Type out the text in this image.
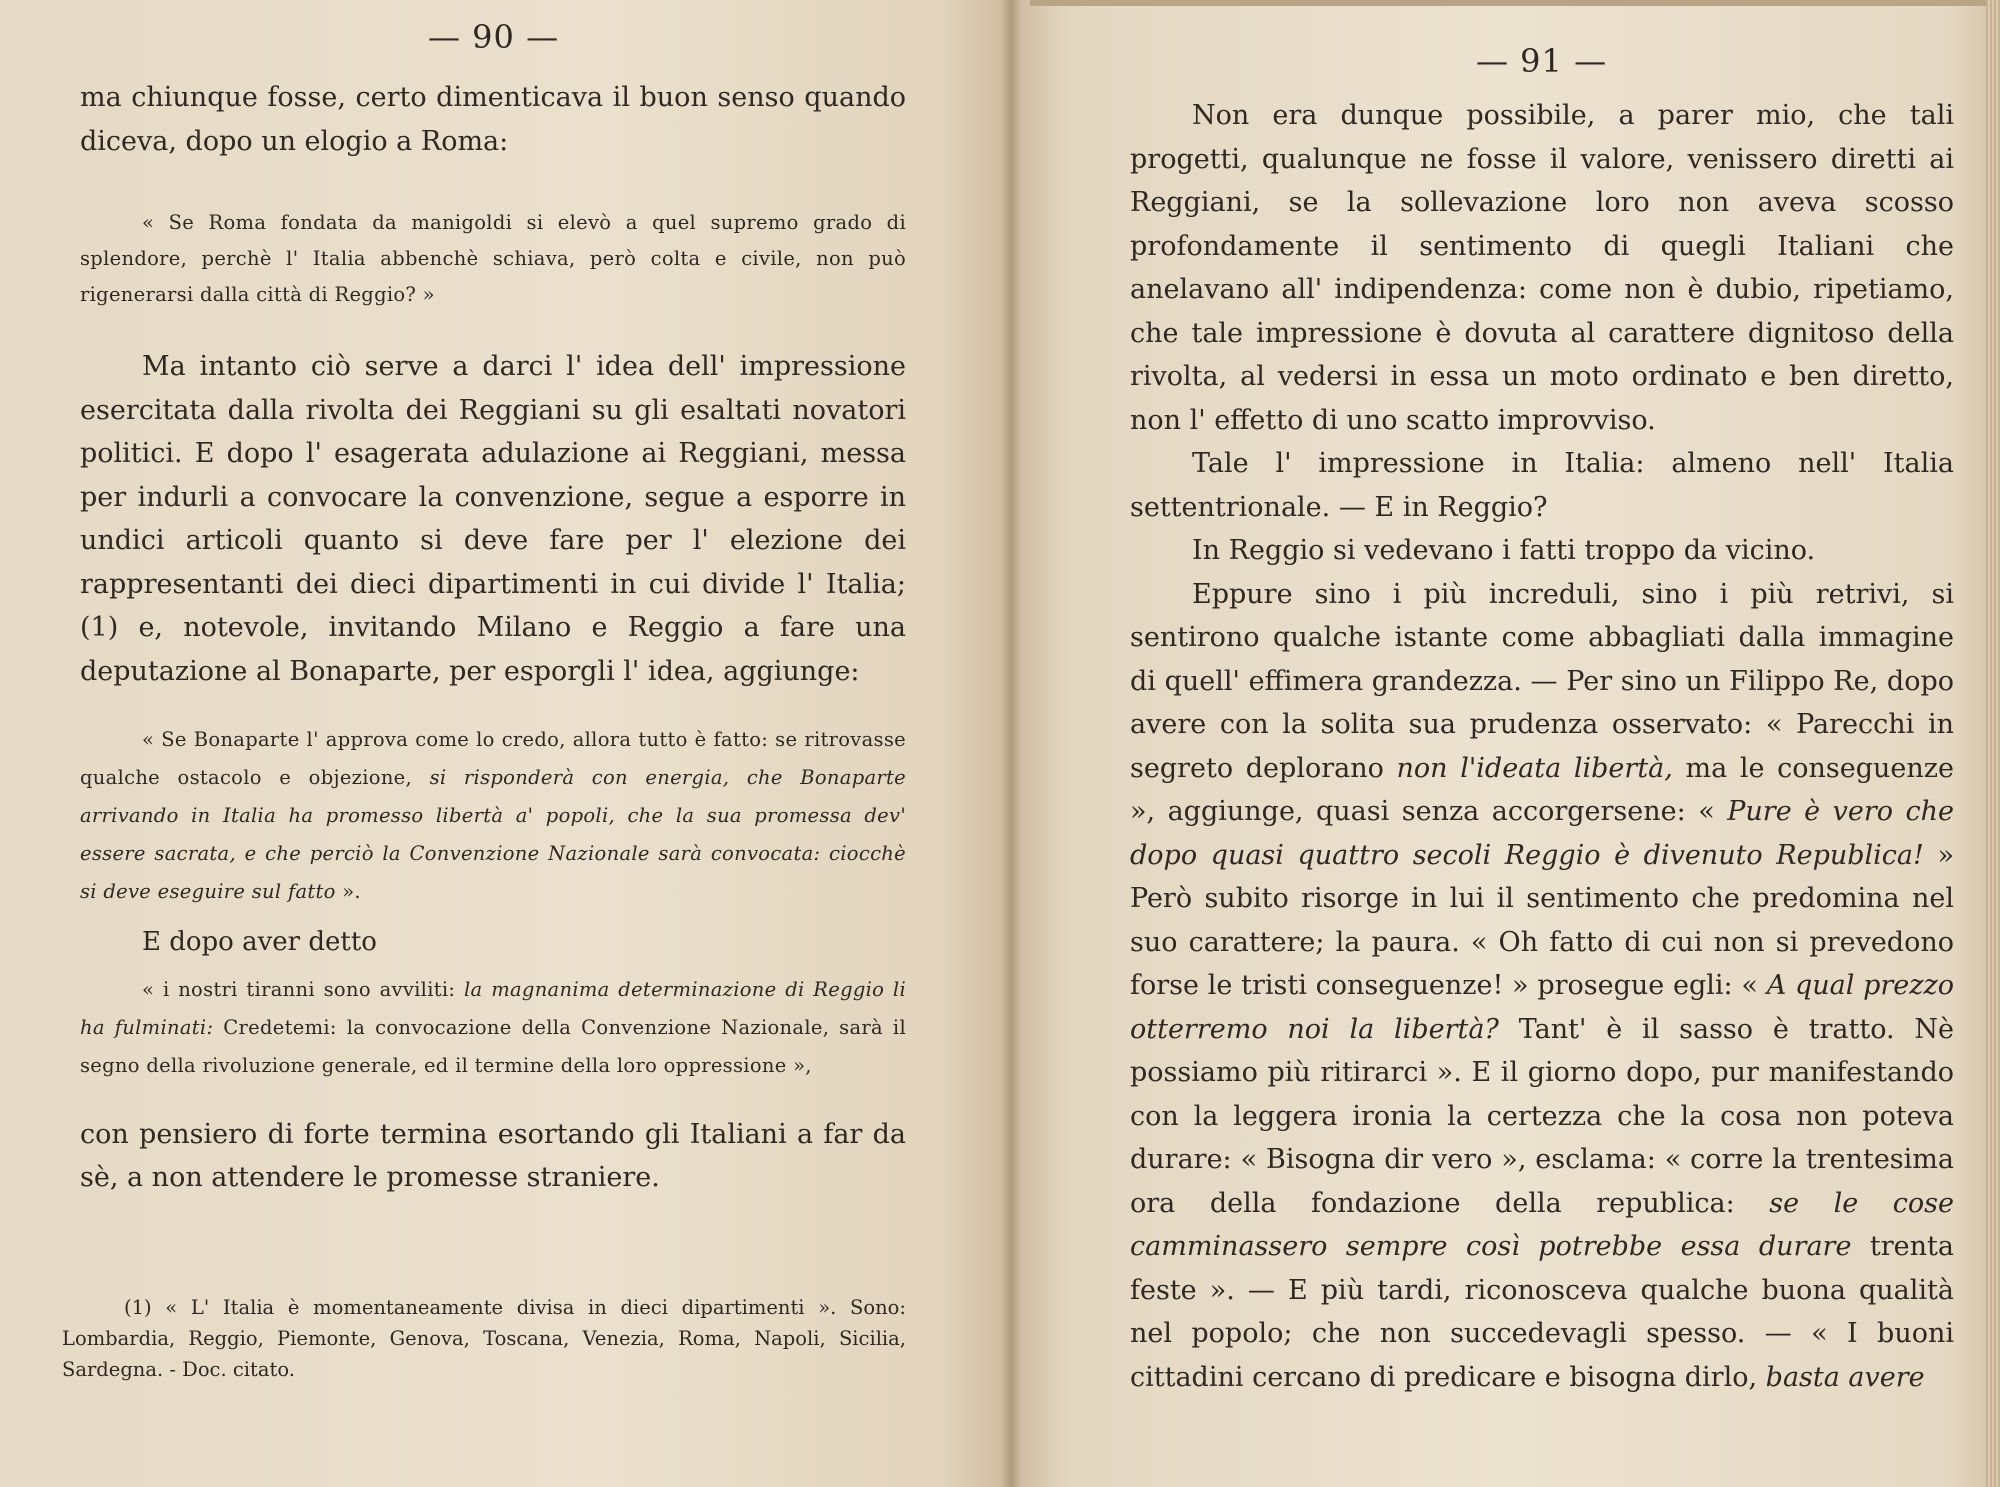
— 90 —

ma chiunque fosse, certo dimenticava il buon senso quando diceva, dopo un elogio a Roma:

« Se Roma fondata da manigoldi si elevò a quel supremo grado di splendore, perchè l' Italia abbenchè schiava, però colta e civile, non può rigenerarsi dalla città di Reggio? »

Ma intanto ciò serve a darci l' idea dell' impressione esercitata dalla rivolta dei Reggiani su gli esaltati novatori politici. E dopo l' esagerata adulazione ai Reggiani, messa per indurli a convocare la convenzione, segue a esporre in undici articoli quanto si deve fare per l' elezione dei rappresentanti dei dieci dipartimenti in cui divide l' Italia; (1) e, notevole, invitando Milano e Reggio a fare una deputazione al Bonaparte, per esporgli l' idea, aggiunge:

« Se Bonaparte l' approva come lo credo, allora tutto è fatto: se ritrovasse qualche ostacolo e objezione, si risponderà con energia, che Bonaparte arrivando in Italia ha promesso libertà a' popoli, che la sua promessa dev' essere sacrata, e che perciò la Convenzione Nazionale sarà convocata: ciocchè si deve eseguire sul fatto ».

E dopo aver detto

« i nostri tiranni sono avviliti: la magnanima determinazione di Reggio li ha fulminati: Credetemi: la convocazione della Convenzione Nazionale, sarà il segno della rivoluzione generale, ed il termine della loro oppressione »,

con pensiero di forte termina esortando gli Italiani a far da sè, a non attendere le promesse straniere.

(1) « L' Italia è momentaneamente divisa in dieci dipartimenti ». Sono: Lombardia, Reggio, Piemonte, Genova, Toscana, Venezia, Roma, Napoli, Sicilia, Sardegna. - Doc. citato.

— 91 —

Non era dunque possibile, a parer mio, che tali progetti, qualunque ne fosse il valore, venissero diretti ai Reggiani, se la sollevazione loro non aveva scosso profondamente il sentimento di quegli Italiani che anelavano all' indipendenza: come non è dubio, ripetiamo, che tale impressione è dovuta al carattere dignitoso della rivolta, al vedersi in essa un moto ordinato e ben diretto, non l' effetto di uno scatto improvviso.

Tale l' impressione in Italia: almeno nell' Italia settentrionale. — E in Reggio?

In Reggio si vedevano i fatti troppo da vicino.

Eppure sino i più increduli, sino i più retrivi, si sentirono qualche istante come abbagliati dalla immagine di quell' effimera grandezza. — Per sino un Filippo Re, dopo avere con la solita sua prudenza osservato: « Parecchi in segreto deplorano non l'ideata libertà, ma le conseguenze », aggiunge, quasi senza accorgersene: « Pure è vero che dopo quasi quattro secoli Reggio è divenuto Republica! » Però subito risorge in lui il sentimento che predomina nel suo carattere; la paura. « Oh fatto di cui non si prevedono forse le tristi conseguenze! » prosegue egli: « A qual prezzo otterremo noi la libertà? Tant' è il sasso è tratto. Nè possiamo più ritirarci ». E il giorno dopo, pur manifestando con la leggera ironia la certezza che la cosa non poteva durare: « Bisogna dir vero », esclama: « corre la trentesima ora della fondazione della republica: se le cose camminassero sempre così potrebbe essa durare trenta feste ». — E più tardi, riconosceva qualche buona qualità nel popolo; che non succedevagli spesso. — « I buoni cittadini cercano di predicare e bisogna dirlo, basta avere
